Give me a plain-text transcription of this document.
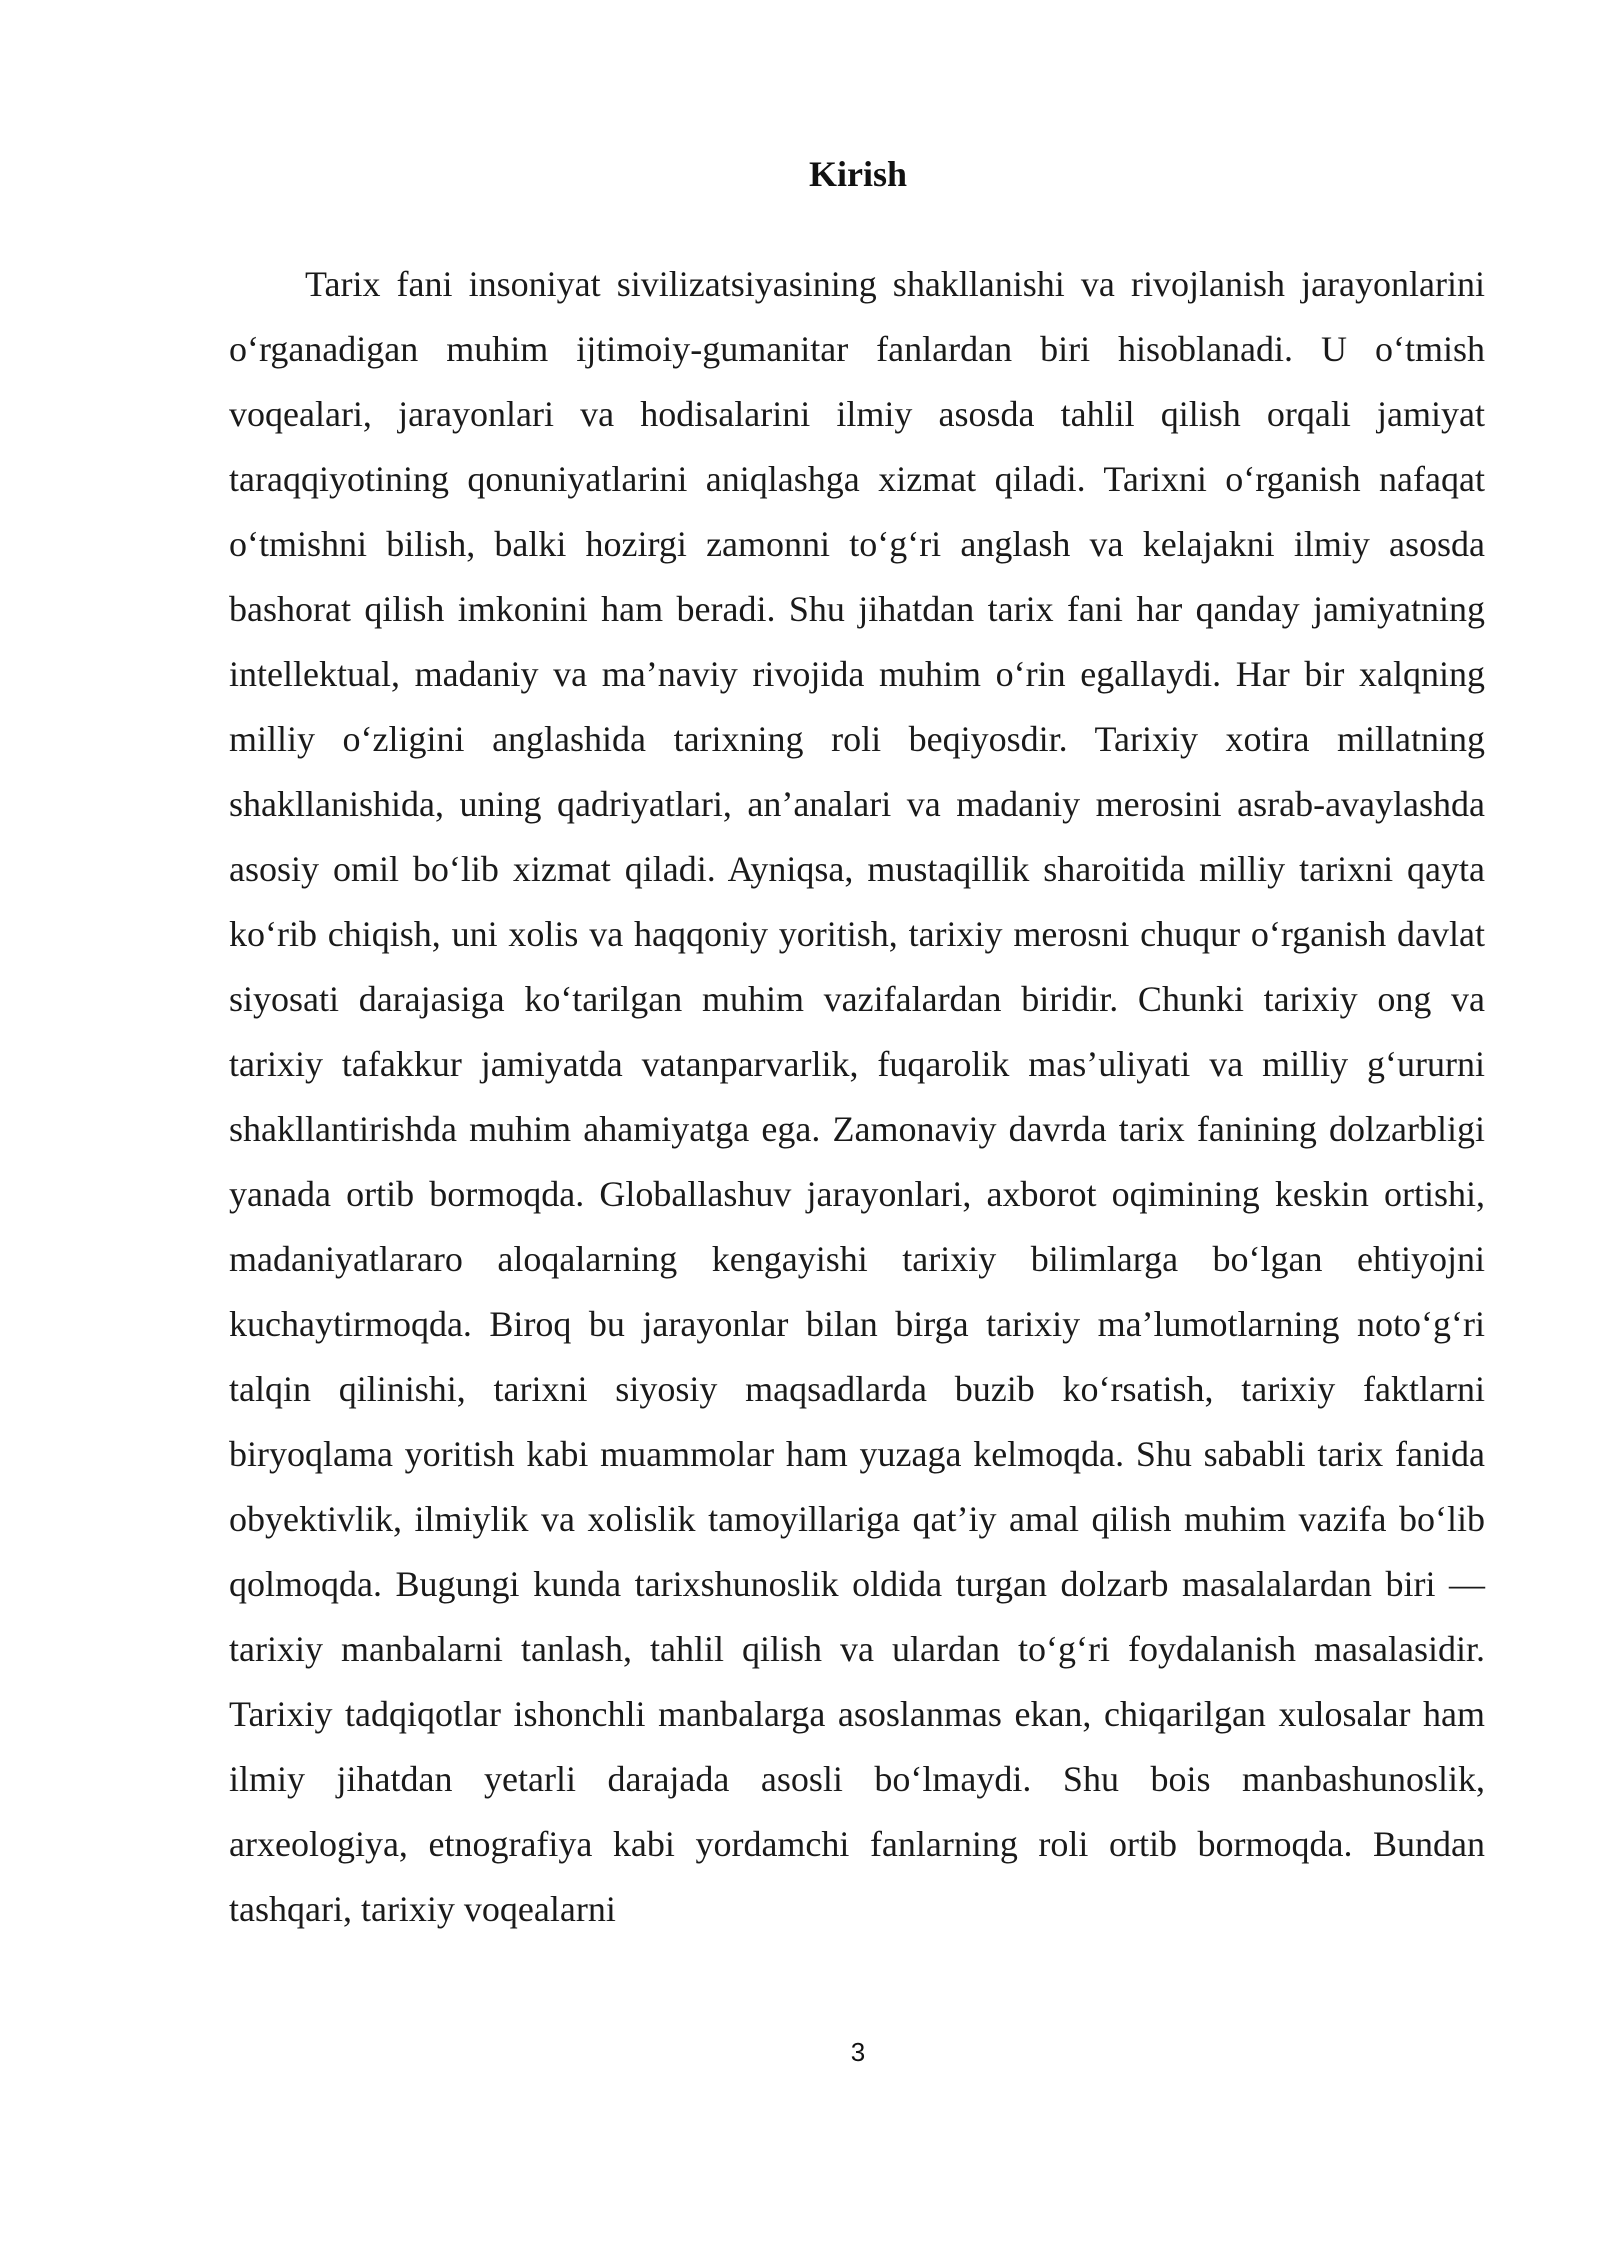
Kirish

Tarix fani insoniyat sivilizatsiyasining shakllanishi va rivojlanish jarayonlarini o‘rganadigan muhim ijtimoiy-gumanitar fanlardan biri hisoblanadi. U o‘tmish voqealari, jarayonlari va hodisalarini ilmiy asosda tahlil qilish orqali jamiyat taraqqiyotining qonuniyatlarini aniqlashga xizmat qiladi. Tarixni o‘rganish nafaqat o‘tmishni bilish, balki hozirgi zamonni to‘g‘ri anglash va kelajakni ilmiy asosda bashorat qilish imkonini ham beradi. Shu jihatdan tarix fani har qanday jamiyatning intellektual, madaniy va ma’naviy rivojida muhim o‘rin egallaydi. Har bir xalqning milliy o‘zligini anglashida tarixning roli beqiyosdir. Tarixiy xotira millatning shakllanishida, uning qadriyatlari, an’analari va madaniy merosini asrab-avaylashda asosiy omil bo‘lib xizmat qiladi. Ayniqsa, mustaqillik sharoitida milliy tarixni qayta ko‘rib chiqish, uni xolis va haqqoniy yoritish, tarixiy merosni chuqur o‘rganish davlat siyosati darajasiga ko‘tarilgan muhim vazifalardan biridir. Chunki tarixiy ong va tarixiy tafakkur jamiyatda vatanparvarlik, fuqarolik mas’uliyati va milliy g‘ururni shakllantirishda muhim ahamiyatga ega. Zamonaviy davrda tarix fanining dolzarbligi yanada ortib bormoqda. Globallashuv jarayonlari, axborot oqimining keskin ortishi, madaniyatlararo aloqalarning kengayishi tarixiy bilimlarga bo‘lgan ehtiyojni kuchaytirmoqda. Biroq bu jarayonlar bilan birga tarixiy ma’lumotlarning noto‘g‘ri talqin qilinishi, tarixni siyosiy maqsadlarda buzib ko‘rsatish, tarixiy faktlarni biryoqlama yoritish kabi muammolar ham yuzaga kelmoqda. Shu sababli tarix fanida obyektivlik, ilmiylik va xolislik tamoyillariga qat’iy amal qilish muhim vazifa bo‘lib qolmoqda. Bugungi kunda tarixshunoslik oldida turgan dolzarb masalalardan biri — tarixiy manbalarni tanlash, tahlil qilish va ulardan to‘g‘ri foydalanish masalasidir. Tarixiy tadqiqotlar ishonchli manbalarga asoslanmas ekan, chiqarilgan xulosalar ham ilmiy jihatdan yetarli darajada asosli bo‘lmaydi. Shu bois manbashunoslik, arxeologiya, etnografiya kabi yordamchi fanlarning roli ortib bormoqda. Bundan tashqari, tarixiy voqealarni

3
